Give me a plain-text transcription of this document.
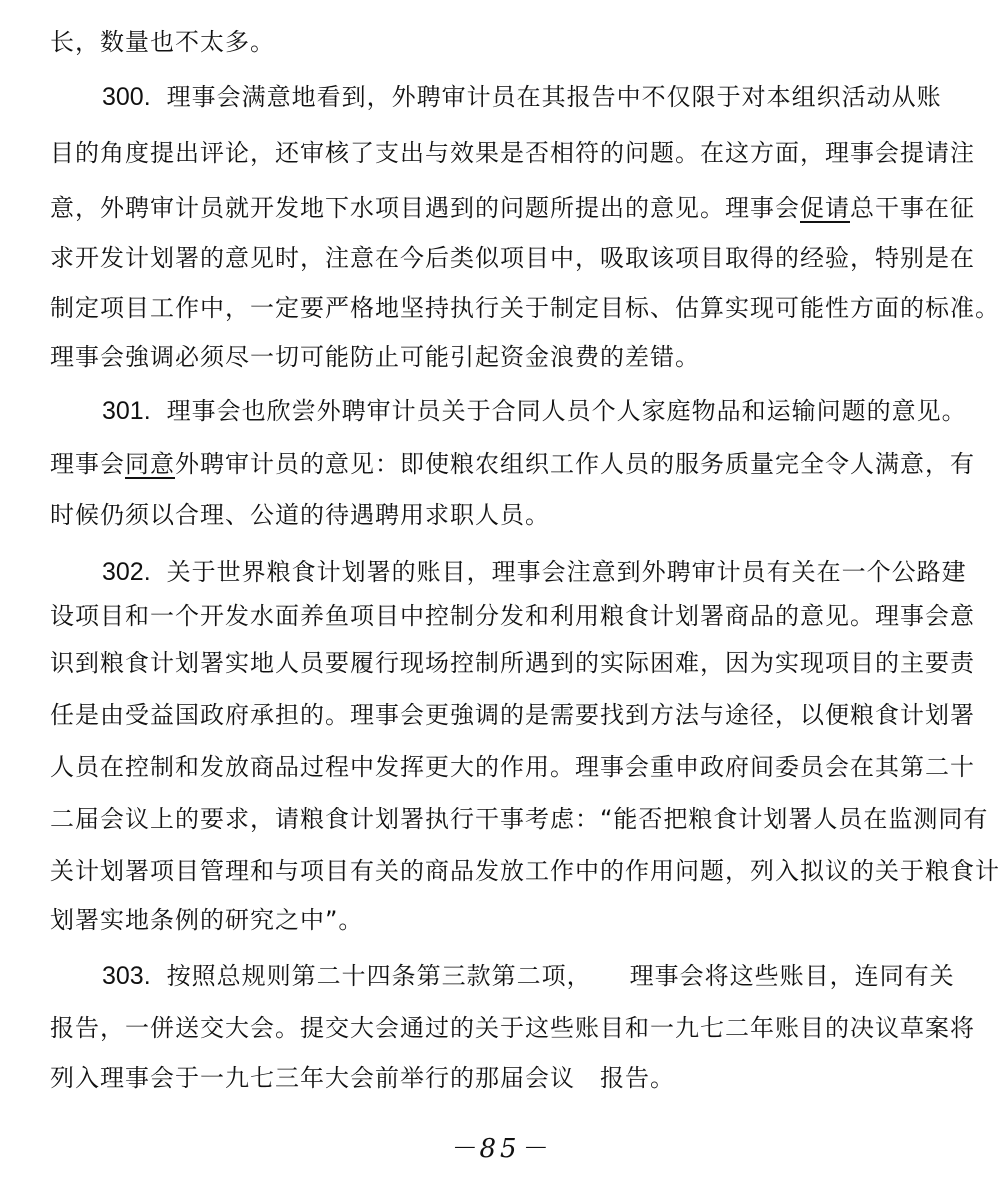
长，数量也不太多。
300. 理事会满意地看到，外聘审计员在其报告中不仅限于对本组织活动从账
目的角度提出评论，还审核了支出与效果是否相符的问题。在这方面，理事会提请注
意，外聘审计员就开发地下水项目遇到的问题所提出的意见。理事会促请总干事在征
求开发计划署的意见时，注意在今后类似项目中，吸取该项目取得的经验，特别是在
制定项目工作中，一定要严格地坚持执行关于制定目标、估算实现可能性方面的标准。
理事会強调必须尽一切可能防止可能引起资金浪费的差错。
301. 理事会也欣尝外聘审计员关于合同人员个人家庭物品和运输问题的意见。
理事会同意外聘审计员的意见：即使粮农组织工作人员的服务质量完全令人满意，有
时候仍须以合理、公道的待遇聘用求职人员。
302. 关于世界粮食计划署的账目，理事会注意到外聘审计员有关在一个公路建
设项目和一个开发水面养鱼项目中控制分发和利用粮食计划署商品的意见。理事会意
识到粮食计划署实地人员要履行现场控制所遇到的实际困难，因为实现项目的主要责
任是由受益国政府承担的。理事会更強调的是需要找到方法与途径，以便粮食计划署
人员在控制和发放商品过程中发挥更大的作用。理事会重申政府间委员会在其第二十
二届会议上的要求，请粮食计划署执行干事考虑：“能否把粮食计划署人员在监测同有
关计划署项目管理和与项目有关的商品发放工作中的作用问题，列入拟议的关于粮食计
划署实地条例的研究之中”。
303. 按照总规则第二十四条第三款第二项，　　理事会将这些账目，连同有关
报告，一併送交大会。提交大会通过的关于这些账目和一九七二年账目的决议草案将
列入理事会于一九七三年大会前举行的那届会议　报告。
－85－
